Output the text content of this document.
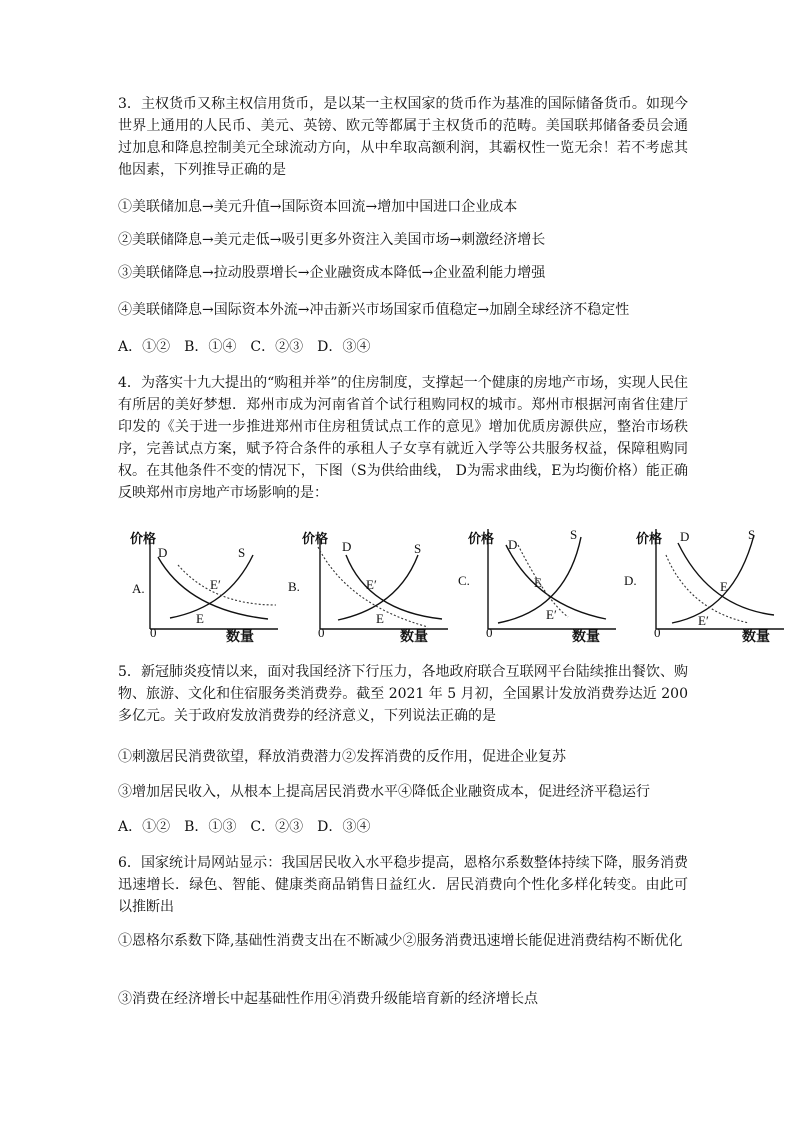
3．主权货币又称主权信用货币，是以某一主权国家的货币作为基准的国际储备货币。如现今世界上通用的人民币、美元、英镑、欧元等都属于主权货币的范畴。美国联邦储备委员会通过加息和降息控制美元全球流动方向，从中牟取高额利润，其霸权性一览无余！若不考虑其他因素，下列推导正确的是

①美联储加息→美元升值→国际资本回流→增加中国进口企业成本

②美联储降息→美元走低→吸引更多外资注入美国市场→刺激经济增长

③美联储降息→拉动股票增长→企业融资成本降低→企业盈利能力增强

④美联储降息→国际资本外流→冲击新兴市场国家币值稳定→加剧全球经济不稳定性

A．①②　B．①④　C．②③　D．③④

4．为落实十九大提出的“购租并举”的住房制度，支撑起一个健康的房地产市场，实现人民住有所居的美好梦想．郑州市成为河南省首个试行租购同权的城市。郑州市根据河南省住建厅印发的《关于进一步推进郑州市住房租赁试点工作的意见》增加优质房源供应，整治市场秩序，完善试点方案，赋予符合条件的承租人子女享有就近入学等公共服务权益，保障租购同权。在其他条件不变的情况下，下图（S为供给曲线， D为需求曲线，E为均衡价格）能正确反映郑州市房地产市场影响的是：

价格
D	S
E′
E
0	数量
A.
价格 D	S
E′
E
0	数量
B.
价格 D
S
E
E′
0	数量
C.
价格 D	S
E
E′
0	数量
D.

5．新冠肺炎疫情以来，面对我国经济下行压力，各地政府联合互联网平台陆续推出餐饮、购物、旅游、文化和住宿服务类消费券。截至 2021 年 5 月初，全国累计发放消费券达近 200 多亿元。关于政府发放消费券的经济意义，下列说法正确的是

①刺激居民消费欲望，释放消费潜力②发挥消费的反作用，促进企业复苏

③增加居民收入，从根本上提高居民消费水平④降低企业融资成本，促进经济平稳运行

A．①②　B．①③　C．②③　D．③④

6．国家统计局网站显示：我国居民收入水平稳步提高，恩格尔系数整体持续下降，服务消费迅速增长．绿色、智能、健康类商品销售日益红火．居民消费向个性化多样化转变。由此可以推断出

①恩格尔系数下降,基础性消费支出在不断减少②服务消费迅速增长能促进消费结构不断优化

③消费在经济增长中起基础性作用④消费升级能培育新的经济增长点
